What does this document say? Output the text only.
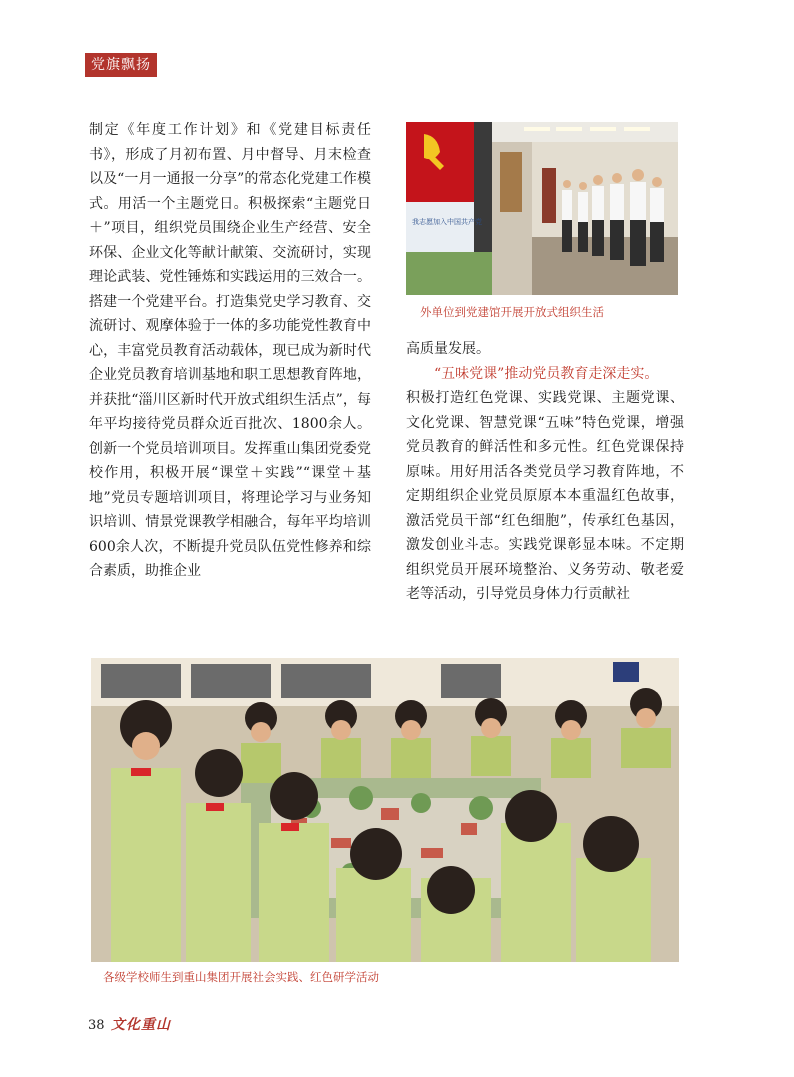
党旗飘扬

制定《年度工作计划》和《党建目标责任书》，形成了月初布置、月中督导、月末检查以及“一月一通报一分享”的常态化党建工作模式。用活一个主题党日。积极探索“主题党日＋”项目，组织党员围绕企业生产经营、安全环保、企业文化等献计献策、交流研讨，实现理论武装、党性锤炼和实践运用的三效合一。搭建一个党建平台。打造集党史学习教育、交流研讨、观摩体验于一体的多功能党性教育中心，丰富党员教育活动载体，现已成为新时代企业党员教育培训基地和职工思想教育阵地，并获批“淄川区新时代开放式组织生活点”，每年平均接待党员群众近百批次、1800余人。创新一个党员培训项目。发挥重山集团党委党校作用，积极开展“课堂＋实践”“课堂＋基地”党员专题培训项目，将理论学习与业务知识培训、情景党课教学相融合，每年平均培训600余人次，不断提升党员队伍党性修养和综合素质，助推企业

我志愿加入中国共产党
外单位到党建馆开展开放式组织生活

高质量发展。

“五味党课”推动党员教育走深走实。

积极打造红色党课、实践党课、主题党课、文化党课、智慧党课“五味”特色党课，增强党员教育的鲜活性和多元性。红色党课保持原味。用好用活各类党员学习教育阵地，不定期组织企业党员原原本本重温红色故事，激活党员干部“红色细胞”，传承红色基因，激发创业斗志。实践党课彰显本味。不定期组织党员开展环境整治、义务劳动、敬老爱老等活动，引导党员身体力行贡献社

各级学校师生到重山集团开展社会实践、红色研学活动
38 文化重山
